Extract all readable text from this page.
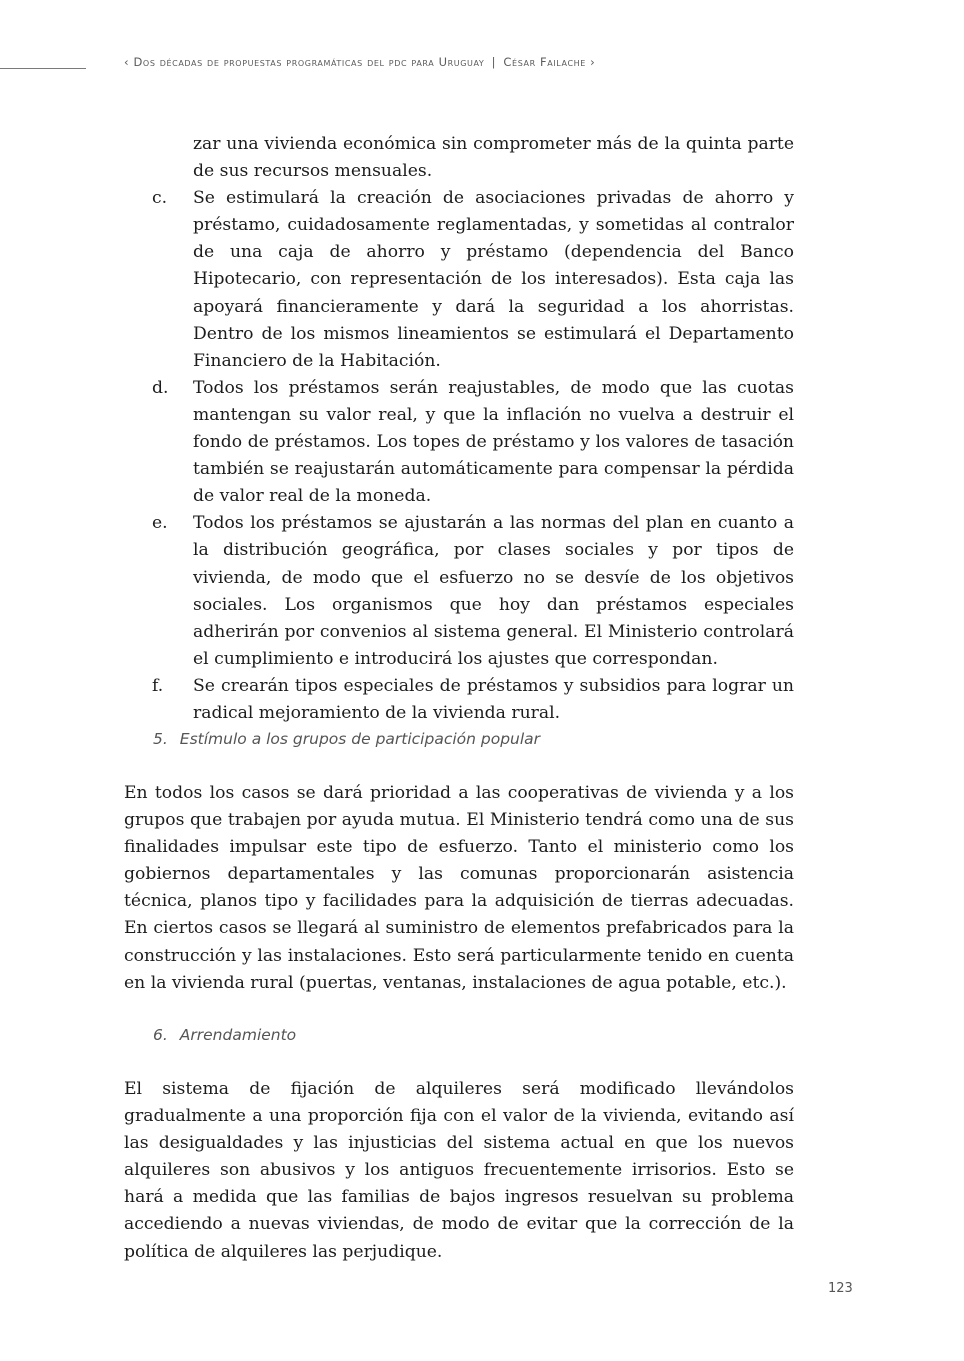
‹ Dos décadas de propuestas programáticas del pdc para Uruguay | César Failache ›
zar una vivienda económica sin comprometer más de la quinta parte de sus recursos mensuales.
c. Se estimulará la creación de asociaciones privadas de ahorro y préstamo, cuidadosamente reglamentadas, y sometidas al contralor de una caja de ahorro y préstamo (dependencia del Banco Hipotecario, con representación de los interesados). Esta caja las apoyará financieramente y dará la seguridad a los ahorristas. Dentro de los mismos lineamientos se estimulará el Departamento Financiero de la Habitación.
d. Todos los préstamos serán reajustables, de modo que las cuotas mantengan su valor real, y que la inflación no vuelva a destruir el fondo de préstamos. Los topes de préstamo y los valores de tasación también se reajustarán automáticamente para compensar la pérdida de valor real de la moneda.
e. Todos los préstamos se ajustarán a las normas del plan en cuanto a la distribución geográfica, por clases sociales y por tipos de vivienda, de modo que el esfuerzo no se desvíe de los objetivos sociales. Los organismos que hoy dan préstamos especiales adherirán por convenios al sistema general. El Ministerio controlará el cumplimiento e introducirá los ajustes que correspondan.
f. Se crearán tipos especiales de préstamos y subsidios para lograr un radical mejoramiento de la vivienda rural.
5. Estímulo a los grupos de participación popular

En todos los casos se dará prioridad a las cooperativas de vivienda y a los grupos que trabajen por ayuda mutua. El Ministerio tendrá como una de sus finalidades impulsar este tipo de esfuerzo. Tanto el ministerio como los gobiernos departamentales y las comunas proporcionarán asistencia técnica, planos tipo y facilidades para la adquisición de tierras adecuadas. En ciertos casos se llegará al suministro de elementos prefabricados para la construcción y las instalaciones. Esto será particularmente tenido en cuenta en la vivienda rural (puertas, ventanas, instalaciones de agua potable, etc.).

6. Arrendamiento

El sistema de fijación de alquileres será modificado llevándolos gradualmente a una proporción fija con el valor de la vivienda, evitando así las desigualdades y las injusticias del sistema actual en que los nuevos alquileres son abusivos y los antiguos frecuentemente irrisorios. Esto se hará a medida que las familias de bajos ingresos resuelvan su problema accediendo a nuevas viviendas, de modo de evitar que la corrección de la política de alquileres las perjudique.

123
